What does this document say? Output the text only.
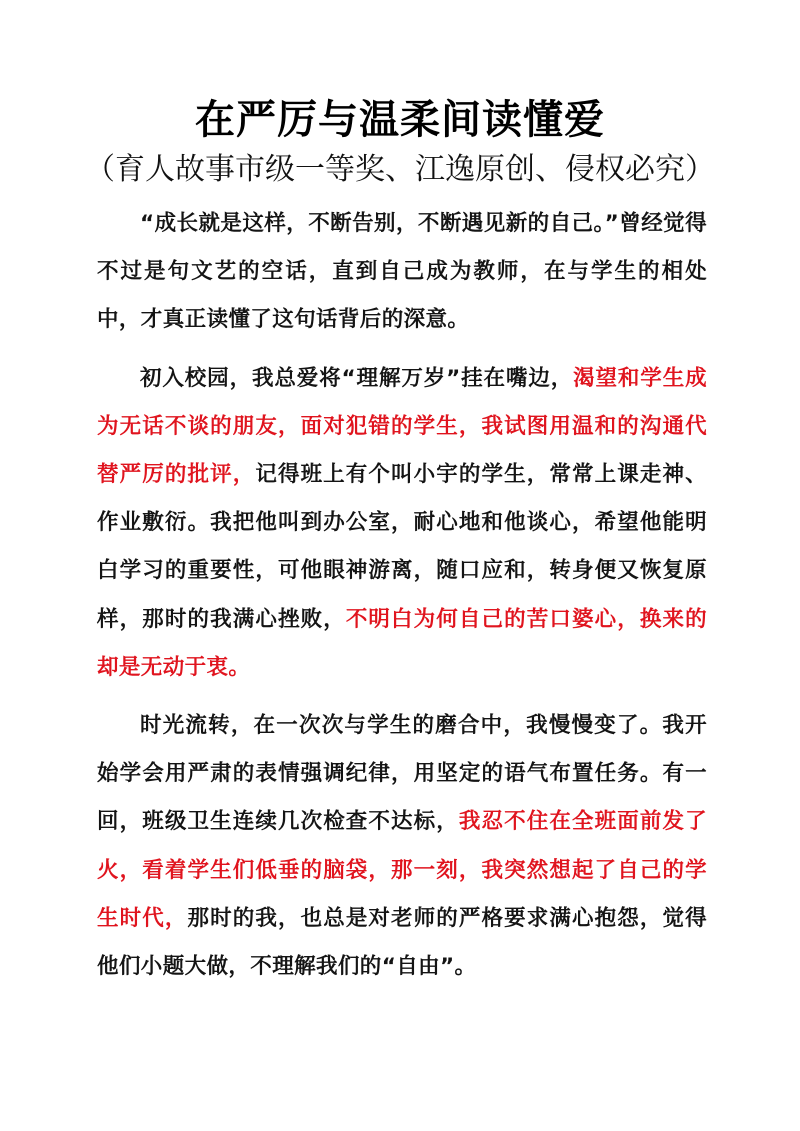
在严厉与温柔间读懂爱

（育人故事市级一等奖、江逸原创、侵权必究）

“成长就是这样，不断告别，不断遇见新的自己。”曾经觉得不过是句文艺的空话，直到自己成为教师，在与学生的相处中，才真正读懂了这句话背后的深意。

初入校园，我总爱将“理解万岁”挂在嘴边，渴望和学生成为无话不谈的朋友，面对犯错的学生，我试图用温和的沟通代替严厉的批评，记得班上有个叫小宇的学生，常常上课走神、作业敷衍。我把他叫到办公室，耐心地和他谈心，希望他能明白学习的重要性，可他眼神游离，随口应和，转身便又恢复原样，那时的我满心挫败，不明白为何自己的苦口婆心，换来的却是无动于衷。

时光流转，在一次次与学生的磨合中，我慢慢变了。我开始学会用严肃的表情强调纪律，用坚定的语气布置任务。有一回，班级卫生连续几次检查不达标，我忍不住在全班面前发了火，看着学生们低垂的脑袋，那一刻，我突然想起了自己的学生时代，那时的我，也总是对老师的严格要求满心抱怨，觉得他们小题大做，不理解我们的“自由”。
